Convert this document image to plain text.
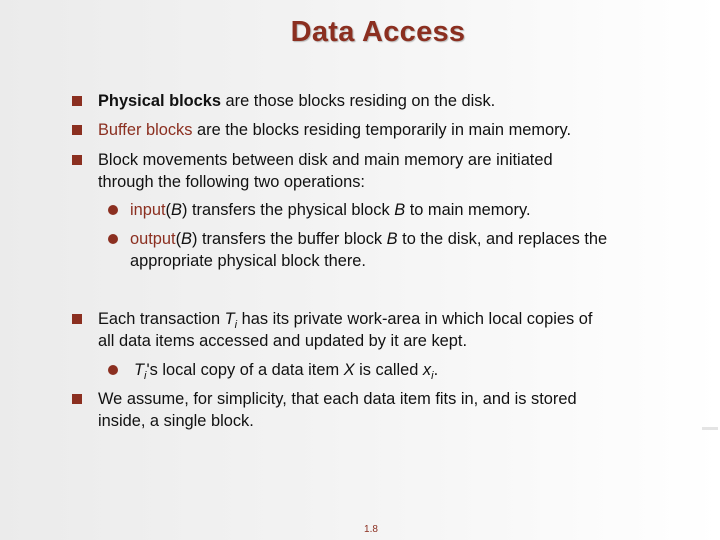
Data Access
Physical blocks are those blocks residing on the disk.
Buffer blocks are the blocks residing temporarily in main memory.
Block movements between disk and main memory are initiated
through the following two operations:
input(B) transfers the physical block B to main memory.
output(B) transfers the buffer block B to the disk, and replaces the
appropriate physical block there.
Each transaction $T_i$ has its private work-area in which local copies of
all data items accessed and updated by it are kept.
$T_i's$ local copy of a data item X is called $x_i$.
We assume, for simplicity, that each data item fits in, and is stored
inside, a single block.
1.8
